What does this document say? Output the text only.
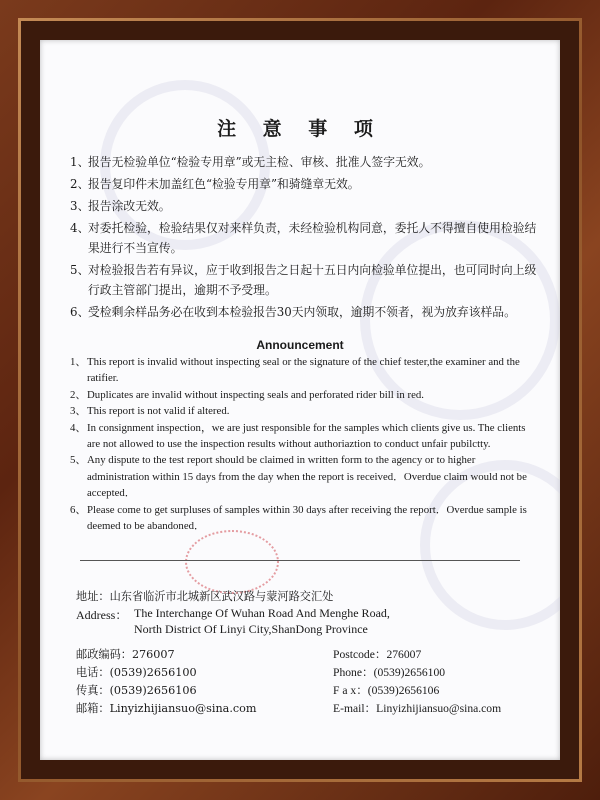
注 意 事 项
1、
报告无检验单位“检验专用章”或无主检、审核、批准人签字无效。
2、
报告复印件未加盖红色“检验专用章”和骑缝章无效。
3、
报告涂改无效。
4、
对委托检验，检验结果仅对来样负责，未经检验机构同意，委托人不得擅自使用检验结果进行不当宣传。
5、
对检验报告若有异议，应于收到报告之日起十五日内向检验单位提出，也可同时向上级行政主管部门提出，逾期不予受理。
6、
受检剩余样品务必在收到本检验报告30天内领取，逾期不领者，视为放弃该样品。
Announcement
1、 This report is invalid without inspecting seal or the signature of the chief tester,the examiner and the ratifier.
2、 Duplicates are invalid without inspecting seals and perforated rider bill in red.
3、 This report is not valid if altered.
4、 In consignment inspection，we are just responsible for the samples which clients give us. The clients are not allowed to use the inspection results without authoriaztion to conduct unfair pubilctty.
5、 Any dispute to the test report should be claimed in written form to the agency or to higher administration within 15 days from the day when the report is received．Overdue claim would not be accepted．
6、 Please come to get surpluses of samples within 30 days after receiving the report．Overdue sample is deemed to be abandoned．
地址：山东省临沂市北城新区武汉路与蒙河路交汇处
Address： The Interchange Of Wuhan Road And Menghe Road,
North District Of Linyi City,ShanDong Province
邮政编码：276007	Postcode：276007
电话：(0539)2656100	Phone：(0539)2656100
传真：(0539)2656106	F a x：(0539)2656106
邮箱：Linyizhijiansuo@sina.com	E-mail：Linyizhijiansuo@sina.com
